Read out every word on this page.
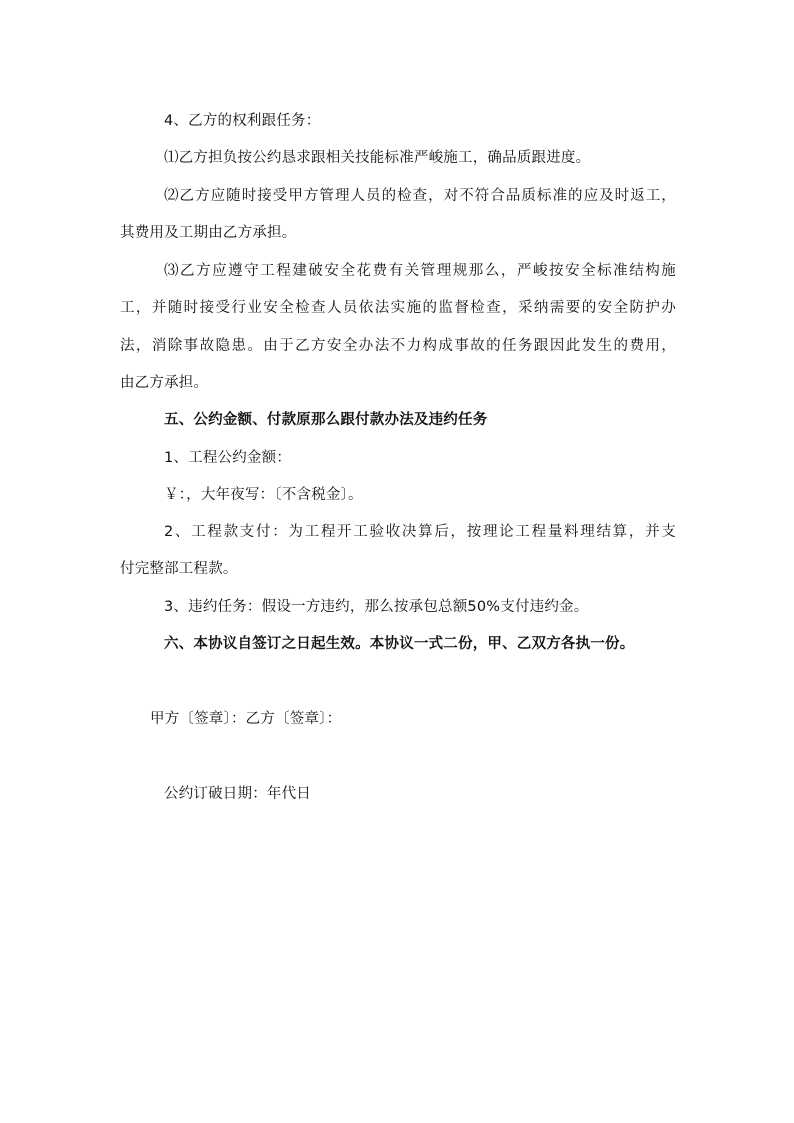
4、乙方的权利跟任务：
⑴乙方担负按公约恳求跟相关技能标准严峻施工，确品质跟进度。
⑵乙方应随时接受甲方管理人员的检查，对不符合品质标准的应及时返工，
其费用及工期由乙方承担。
⑶乙方应遵守工程建破安全花费有关管理规那么，严峻按安全标准结构施
工，并随时接受行业安全检查人员依法实施的监督检查，采纳需要的安全防护办
法，消除事故隐患。由于乙方安全办法不力构成事故的任务跟因此发生的费用，
由乙方承担。
五、公约金额、付款原那么跟付款办法及违约任务
1、工程公约金额：
￥：，大年夜写：〔不含税金〕。
2、工程款支付：为工程开工验收决算后，按理论工程量料理结算，并支
付完整部工程款。
3、违约任务：假设一方违约，那么按承包总额50%支付违约金。
六、本协议自签订之日起生效。本协议一式二份，甲、乙双方各执一份。
甲方〔签章〕：乙方〔签章〕：
公约订破日期：年代日
